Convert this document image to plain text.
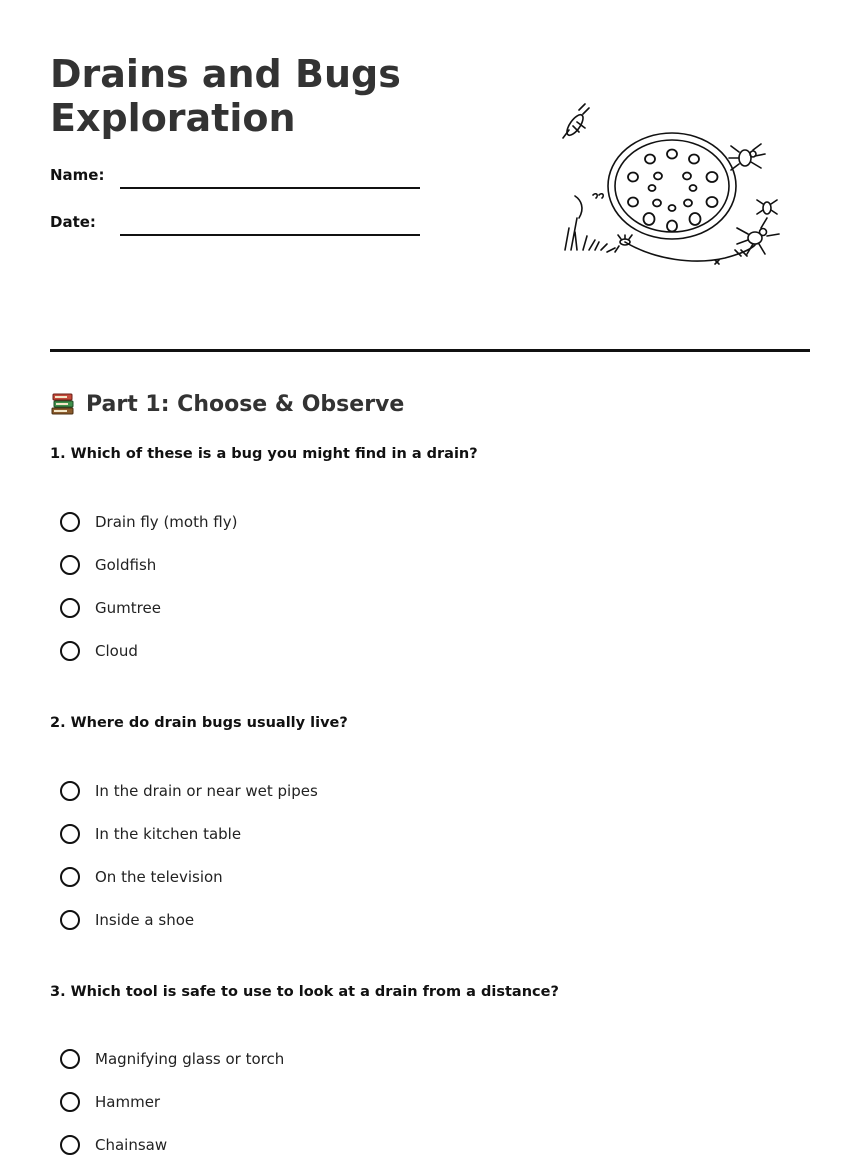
Drains and Bugs Exploration
Name:
Date:
Part 1: Choose & Observe

1. Which of these is a bug you might find in a drain?

Drain fly (moth fly)
Goldfish
Gumtree
Cloud

2. Where do drain bugs usually live?

In the drain or near wet pipes
In the kitchen table
On the television
Inside a shoe

3. Which tool is safe to use to look at a drain from a distance?

Magnifying glass or torch
Hammer
Chainsaw
